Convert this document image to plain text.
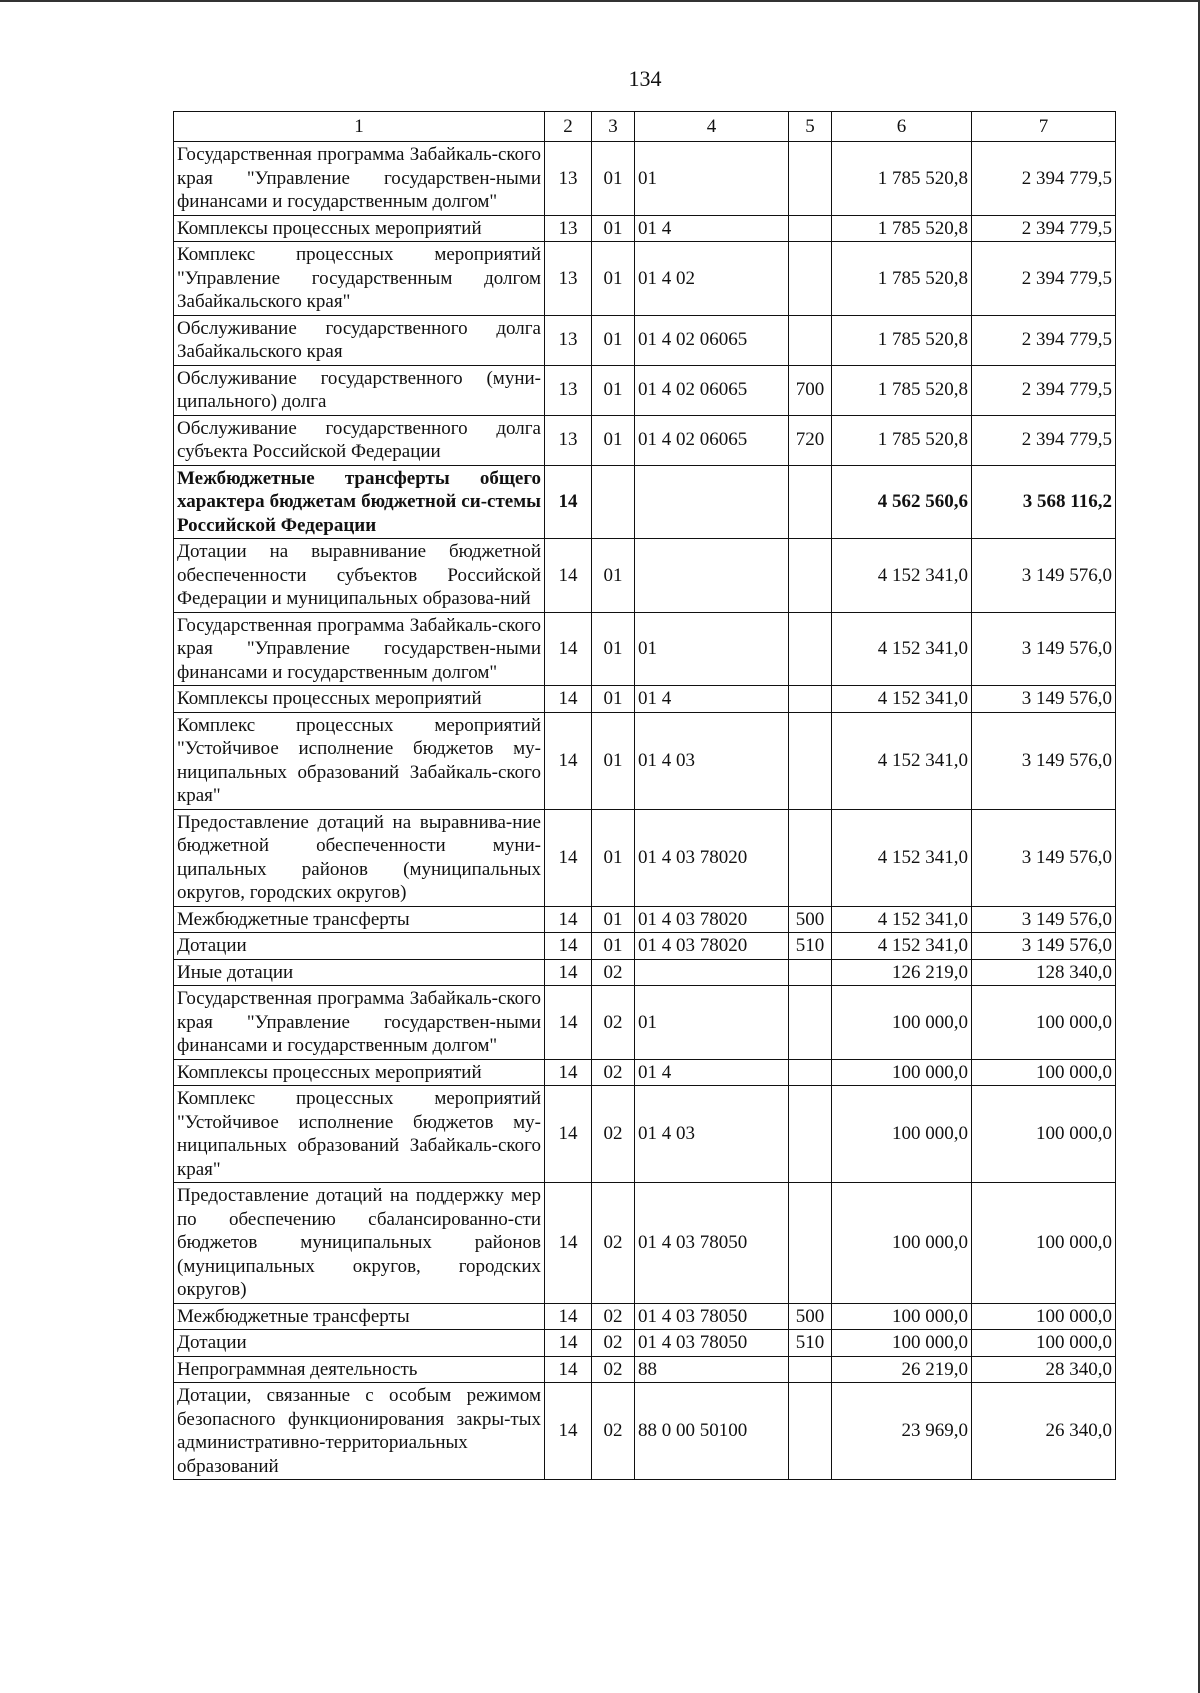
134
1	2	3	4	5	6	7
Государственная программа Забайкаль-ского края "Управление государствен-ными финансами и государственным долгом"	13	01	01		1 785 520,8	2 394 779,5
Комплексы процессных мероприятий	13	01	01 4		1 785 520,8	2 394 779,5
Комплекс процессных мероприятий "Управление государственным долгом Забайкальского края"	13	01	01 4 02		1 785 520,8	2 394 779,5
Обслуживание государственного долга Забайкальского края	13	01	01 4 02 06065		1 785 520,8	2 394 779,5
Обслуживание государственного (муни-ципального) долга	13	01	01 4 02 06065	700	1 785 520,8	2 394 779,5
Обслуживание государственного долга субъекта Российской Федерации	13	01	01 4 02 06065	720	1 785 520,8	2 394 779,5
Межбюджетные трансферты общего характера бюджетам бюджетной си-стемы Российской Федерации	14				4 562 560,6	3 568 116,2
Дотации на выравнивание бюджетной обеспеченности субъектов Российской Федерации и муниципальных образова-ний	14	01			4 152 341,0	3 149 576,0
Государственная программа Забайкаль-ского края "Управление государствен-ными финансами и государственным долгом"	14	01	01		4 152 341,0	3 149 576,0
Комплексы процессных мероприятий	14	01	01 4		4 152 341,0	3 149 576,0
Комплекс процессных мероприятий "Устойчивое исполнение бюджетов му-ниципальных образований Забайкаль-ского края"	14	01	01 4 03		4 152 341,0	3 149 576,0
Предоставление дотаций на выравнива-ние бюджетной обеспеченности муни-ципальных районов (муниципальных округов, городских округов)	14	01	01 4 03 78020		4 152 341,0	3 149 576,0
Межбюджетные трансферты	14	01	01 4 03 78020	500	4 152 341,0	3 149 576,0
Дотации	14	01	01 4 03 78020	510	4 152 341,0	3 149 576,0
Иные дотации	14	02			126 219,0	128 340,0
Государственная программа Забайкаль-ского края "Управление государствен-ными финансами и государственным долгом"	14	02	01		100 000,0	100 000,0
Комплексы процессных мероприятий	14	02	01 4		100 000,0	100 000,0
Комплекс процессных мероприятий "Устойчивое исполнение бюджетов му-ниципальных образований Забайкаль-ского края"	14	02	01 4 03		100 000,0	100 000,0
Предоставление дотаций на поддержку мер по обеспечению сбалансированно-сти бюджетов муниципальных районов (муниципальных округов, городских округов)	14	02	01 4 03 78050		100 000,0	100 000,0
Межбюджетные трансферты	14	02	01 4 03 78050	500	100 000,0	100 000,0
Дотации	14	02	01 4 03 78050	510	100 000,0	100 000,0
Непрограммная деятельность	14	02	88		26 219,0	28 340,0
Дотации, связанные с особым режимом безопасного функционирования закры-тых административно-территориальных образований	14	02	88 0 00 50100		23 969,0	26 340,0
